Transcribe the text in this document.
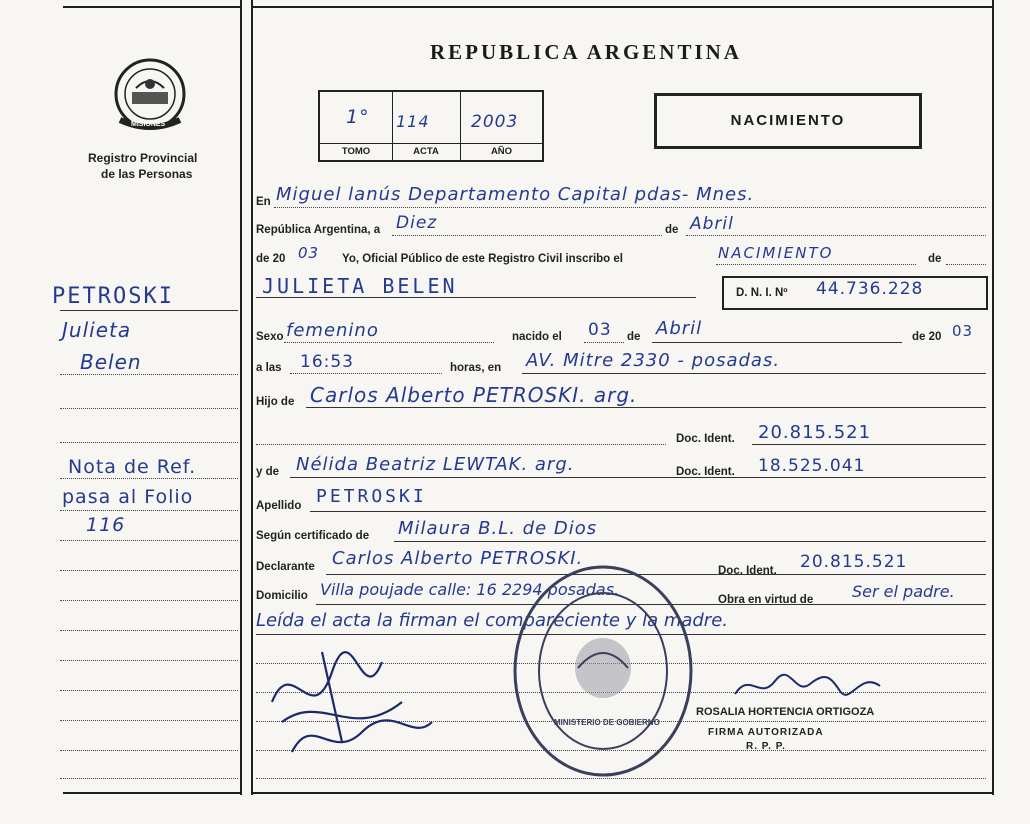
MISIONES
Registro Provincial
de las Personas
REPUBLICA ARGENTINA
1°
TOMO
114
ACTA
2003
AÑO
NACIMIENTO
En Miguel lanús Departamento Capital pdas- Mnes.
República Argentina, a Diez	de Abril
de 20 03 Yo, Oficial Público de este Registro Civil inscribo el	NACIMIENTO	de
JULIETA BELEN	D. N. I. Nº 44.736.228
Sexo femenino	nacido el 03 de Abril	de 20 03
a las 16:53	horas, en AV. Mitre 2330 - posadas.
Hijo de Carlos Alberto PETROSKI. arg.
Doc. Ident. 20.815.521
y de Nélida Beatriz LEWTAK. arg.	Doc. Ident. 18.525.041
Apellido PETROSKI
Según certificado de Milaura B.L. de Dios
Declarante Carlos Alberto PETROSKI.
Doc. Ident. 20.815.521
Domicilio Villa poujade calle: 16 2294 posadas.
Obra en virtud de Ser el padre.
Leída el acta la firman el compareciente y la madre.
PETROSKI
Julieta
Belen
Nota de Ref.
pasa al Folio
116
MINISTERIO DE GOBIERNO
ROSALIA HORTENCIA ORTIGOZA
FIRMA AUTORIZADA
R. P. P.
